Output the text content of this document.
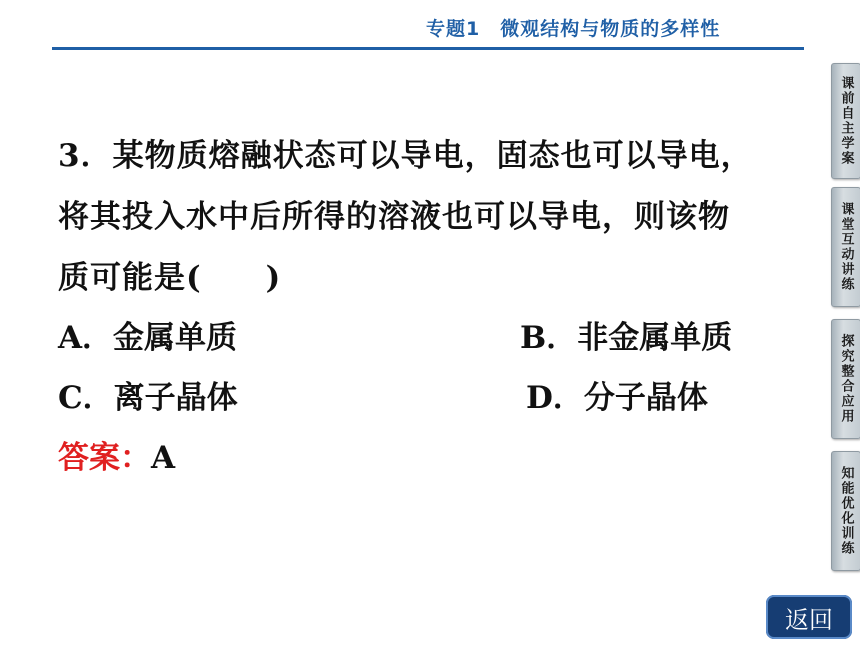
专题1　微观结构与物质的多样性
3．某物质熔融状态可以导电，固态也可以导电，
将其投入水中后所得的溶液也可以导电，则该物
质可能是(　　)
A．金属单质	B．非金属单质
C．离子晶体	D．分子晶体
答案：A
课前自主学案
课堂互动讲练
探究整合应用
知能优化训练
返回
